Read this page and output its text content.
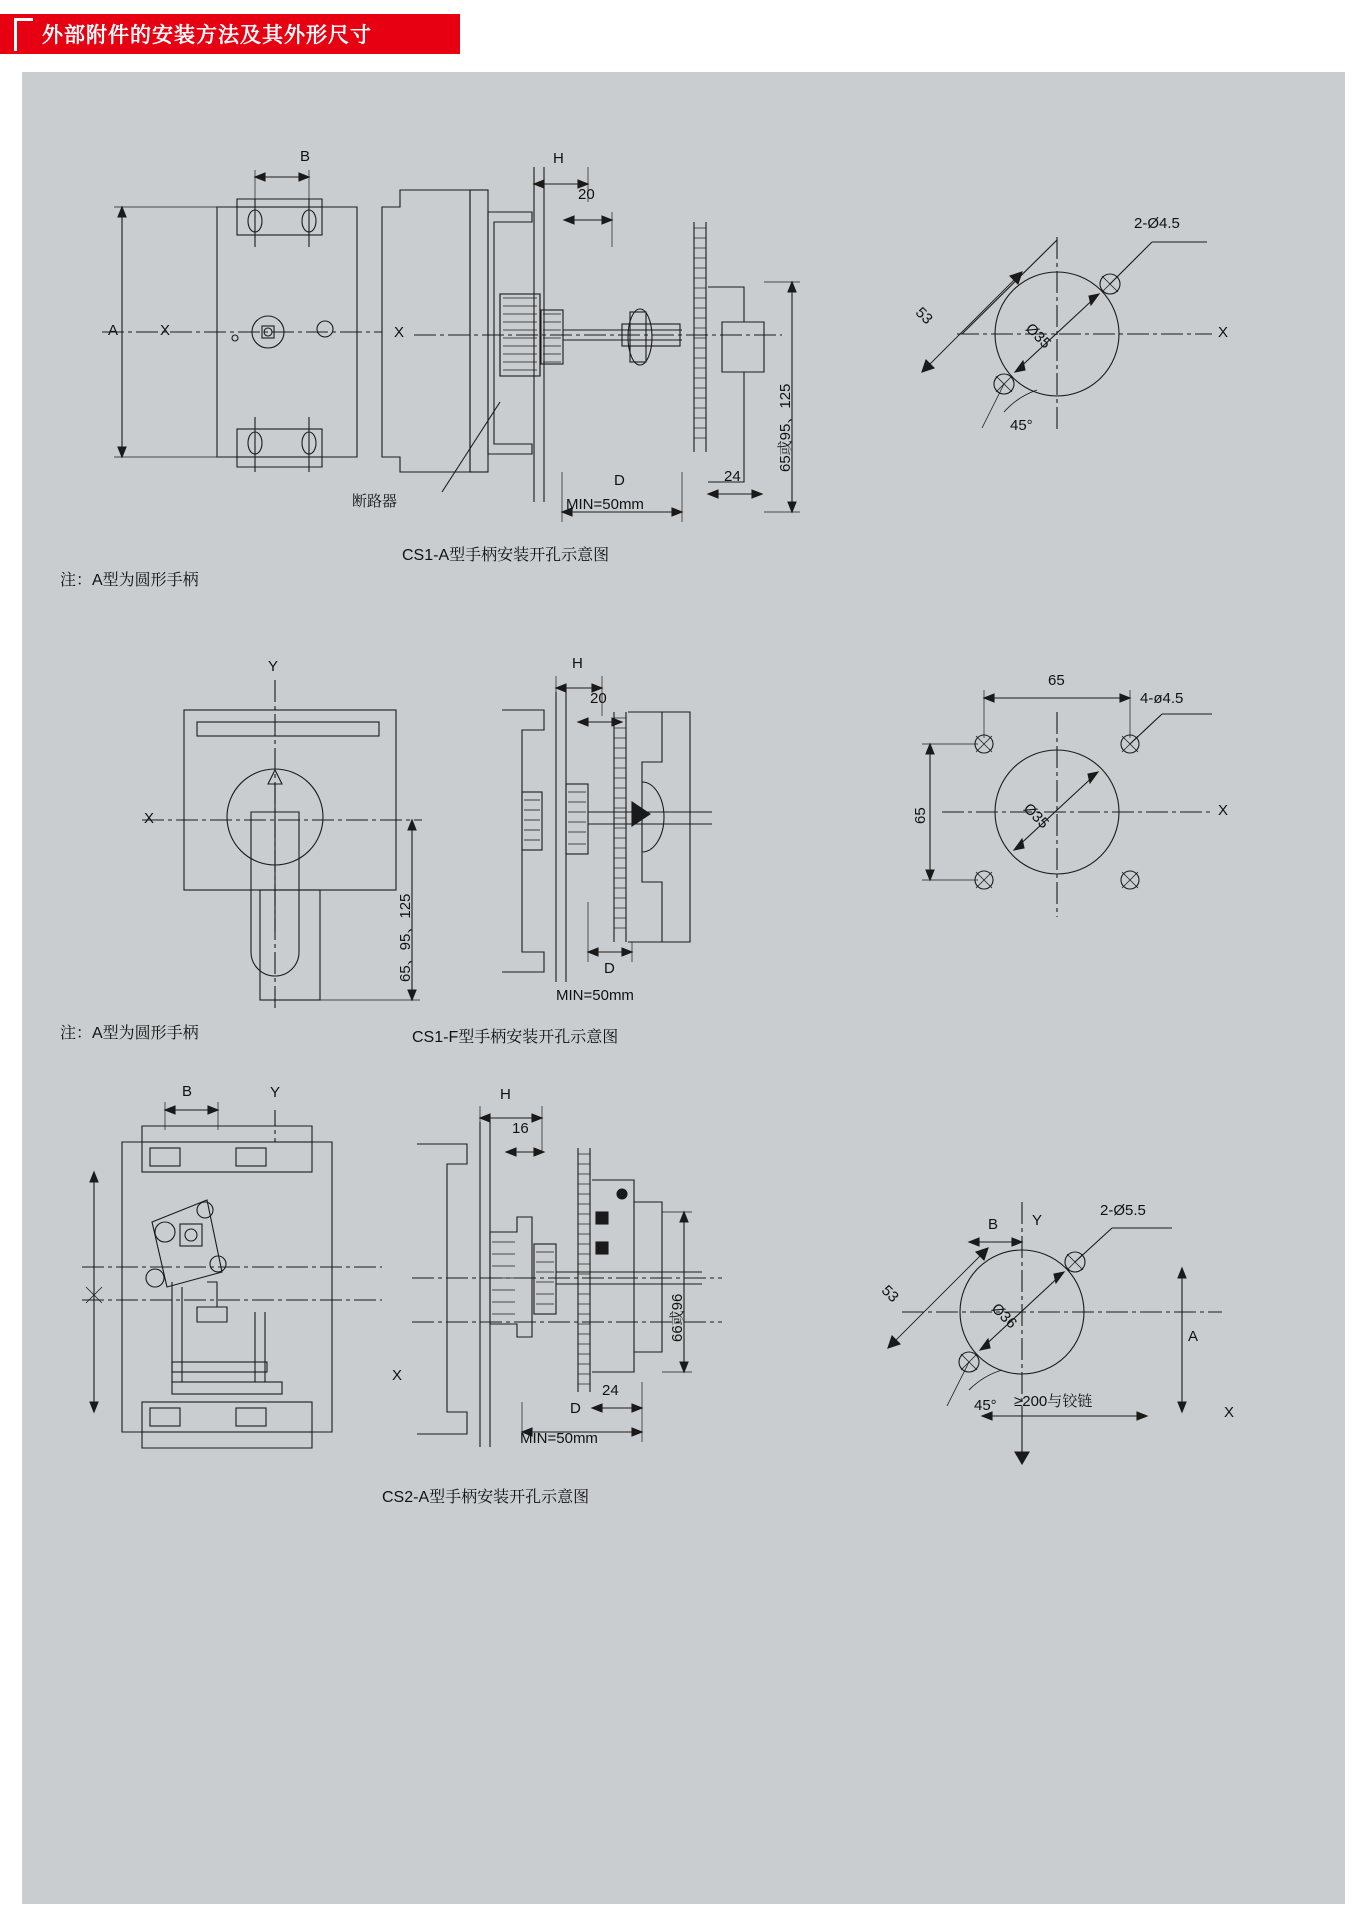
外部附件的安装方法及其外形尺寸
B
A	X	X	X
断路器
H
20
24
D
MIN=50mm
65或95、125
2-Ø4.5
53
Ø35
45°
CS1-A型手柄安装开孔示意图
注：A型为圆形手柄
Y
X	X
65、95、125
H
20
D
MIN=50mm
65
65
4-ø4.5
Ø35
CS1-F型手柄安装开孔示意图
注：A型为圆形手柄
B	Y
X
H
16
24
D
MIN=50mm
66或96
B Y
2-Ø5.5
53
Ø36
45°
A
≥200与铰链
X
CS2-A型手柄安装开孔示意图
